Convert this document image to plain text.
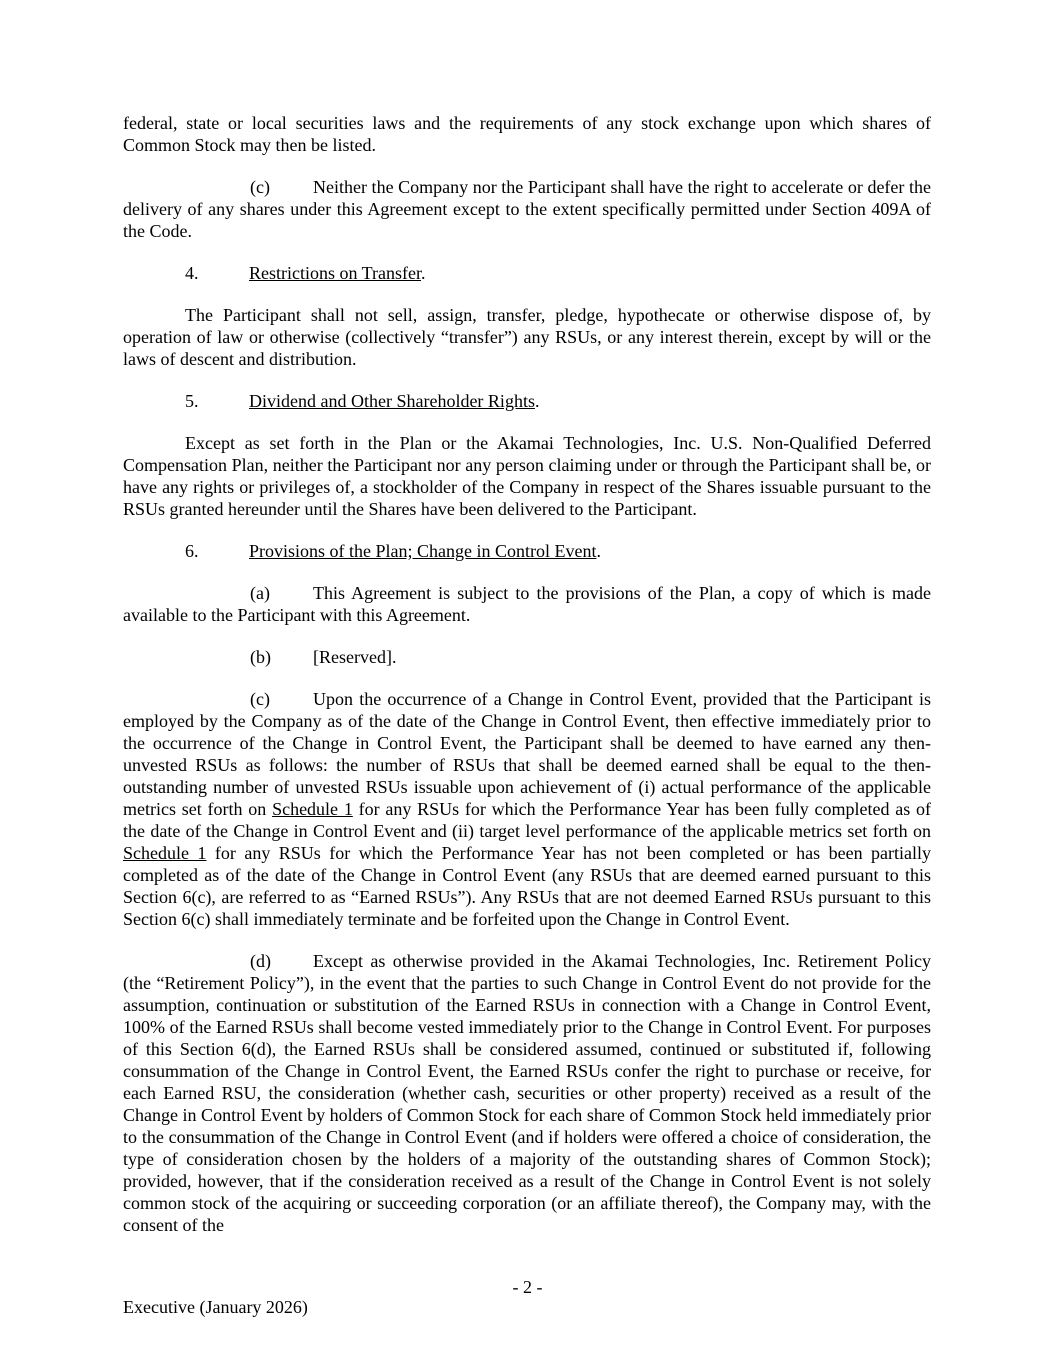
federal, state or local securities laws and the requirements of any stock exchange upon which shares of Common Stock may then be listed.

(c) Neither the Company nor the Participant shall have the right to accelerate or defer the delivery of any shares under this Agreement except to the extent specifically permitted under Section 409A of the Code.

4.	Restrictions on Transfer.

The Participant shall not sell, assign, transfer, pledge, hypothecate or otherwise dispose of, by operation of law or otherwise (collectively “transfer”) any RSUs, or any interest therein, except by will or the laws of descent and distribution.

5.	Dividend and Other Shareholder Rights.

Except as set forth in the Plan or the Akamai Technologies, Inc. U.S. Non-Qualified Deferred Compensation Plan, neither the Participant nor any person claiming under or through the Participant shall be, or have any rights or privileges of, a stockholder of the Company in respect of the Shares issuable pursuant to the RSUs granted hereunder until the Shares have been delivered to the Participant.

6.	Provisions of the Plan; Change in Control Event.

(a) This Agreement is subject to the provisions of the Plan, a copy of which is made available to the Participant with this Agreement.

(b) [Reserved].

(c) Upon the occurrence of a Change in Control Event, provided that the Participant is employed by the Company as of the date of the Change in Control Event, then effective immediately prior to the occurrence of the Change in Control Event, the Participant shall be deemed to have earned any then-unvested RSUs as follows: the number of RSUs that shall be deemed earned shall be equal to the then-outstanding number of unvested RSUs issuable upon achievement of (i) actual performance of the applicable metrics set forth on Schedule 1 for any RSUs for which the Performance Year has been fully completed as of the date of the Change in Control Event and (ii) target level performance of the applicable metrics set forth on Schedule 1 for any RSUs for which the Performance Year has not been completed or has been partially completed as of the date of the Change in Control Event (any RSUs that are deemed earned pursuant to this Section 6(c), are referred to as “Earned RSUs”). Any RSUs that are not deemed Earned RSUs pursuant to this Section 6(c) shall immediately terminate and be forfeited upon the Change in Control Event.

(d) Except as otherwise provided in the Akamai Technologies, Inc. Retirement Policy (the “Retirement Policy”), in the event that the parties to such Change in Control Event do not provide for the assumption, continuation or substitution of the Earned RSUs in connection with a Change in Control Event, 100% of the Earned RSUs shall become vested immediately prior to the Change in Control Event. For purposes of this Section 6(d), the Earned RSUs shall be considered assumed, continued or substituted if, following consummation of the Change in Control Event, the Earned RSUs confer the right to purchase or receive, for each Earned RSU, the consideration (whether cash, securities or other property) received as a result of the Change in Control Event by holders of Common Stock for each share of Common Stock held immediately prior to the consummation of the Change in Control Event (and if holders were offered a choice of consideration, the type of consideration chosen by the holders of a majority of the outstanding shares of Common Stock); provided, however, that if the consideration received as a result of the Change in Control Event is not solely common stock of the acquiring or succeeding corporation (or an affiliate thereof), the Company may, with the consent of the

- 2 -
Executive (January 2026)
